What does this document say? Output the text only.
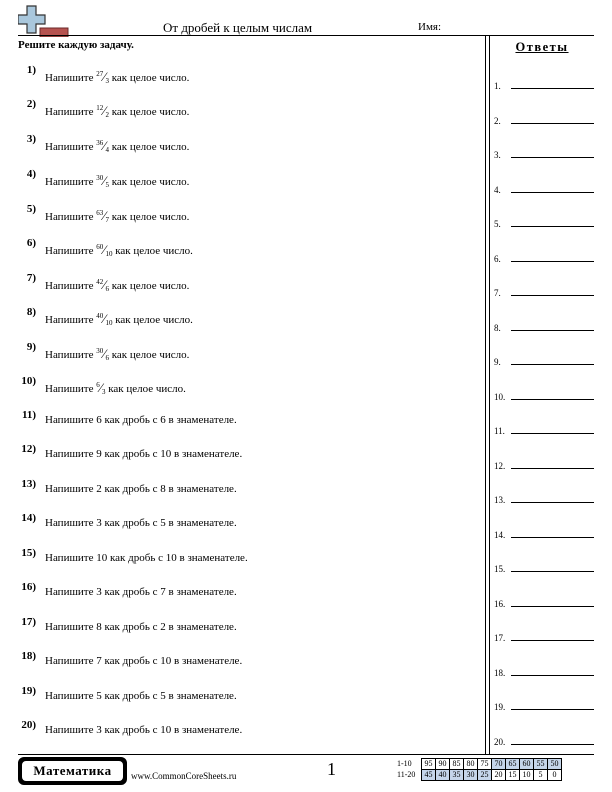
От дробей к целым числам	Имя:
Решите каждую задачу.	Ответы
1)
Напишите $^{27}⁄_3$ как целое число.
2)
Напишите $^{12}⁄_2$ как целое число.
3)
Напишите $^{36}⁄_4$ как целое число.
4)
Напишите $^{30}⁄_5$ как целое число.
5)
Напишите $^{63}⁄_7$ как целое число.
6)
Напишите $^{60}⁄_{10}$ как целое число.
7)
Напишите $^{42}⁄_6$ как целое число.
8)
Напишите $^{40}⁄_{10}$ как целое число.
9)
Напишите $^{30}⁄_6$ как целое число.
10)
Напишите $^6⁄_3$ как целое число.
11) Напишите 6 как дробь с 6 в знаменателе.
12) Напишите 9 как дробь с 10 в знаменателе.
13) Напишите 2 как дробь с 8 в знаменателе.
14) Напишите 3 как дробь с 5 в знаменателе.
15) Напишите 10 как дробь с 10 в знаменателе.
16) Напишите 3 как дробь с 7 в знаменателе.
17) Напишите 8 как дробь с 2 в знаменателе.
18) Напишите 7 как дробь с 10 в знаменателе.
19) Напишите 5 как дробь с 5 в знаменателе.
20) Напишите 3 как дробь с 10 в знаменателе.
1.
2.
3.
4.
5.
6.
7.
8.
9.
10.
11.
12.
13.
14.
15.
16.
17.
18.
19.
20.
Математика	www.CommonCoreSheets.ru	1	1-10	95	90	85	80	75	70	65	60	55	50
11-20	45	40	35	30	25	20	15	10	5	0
